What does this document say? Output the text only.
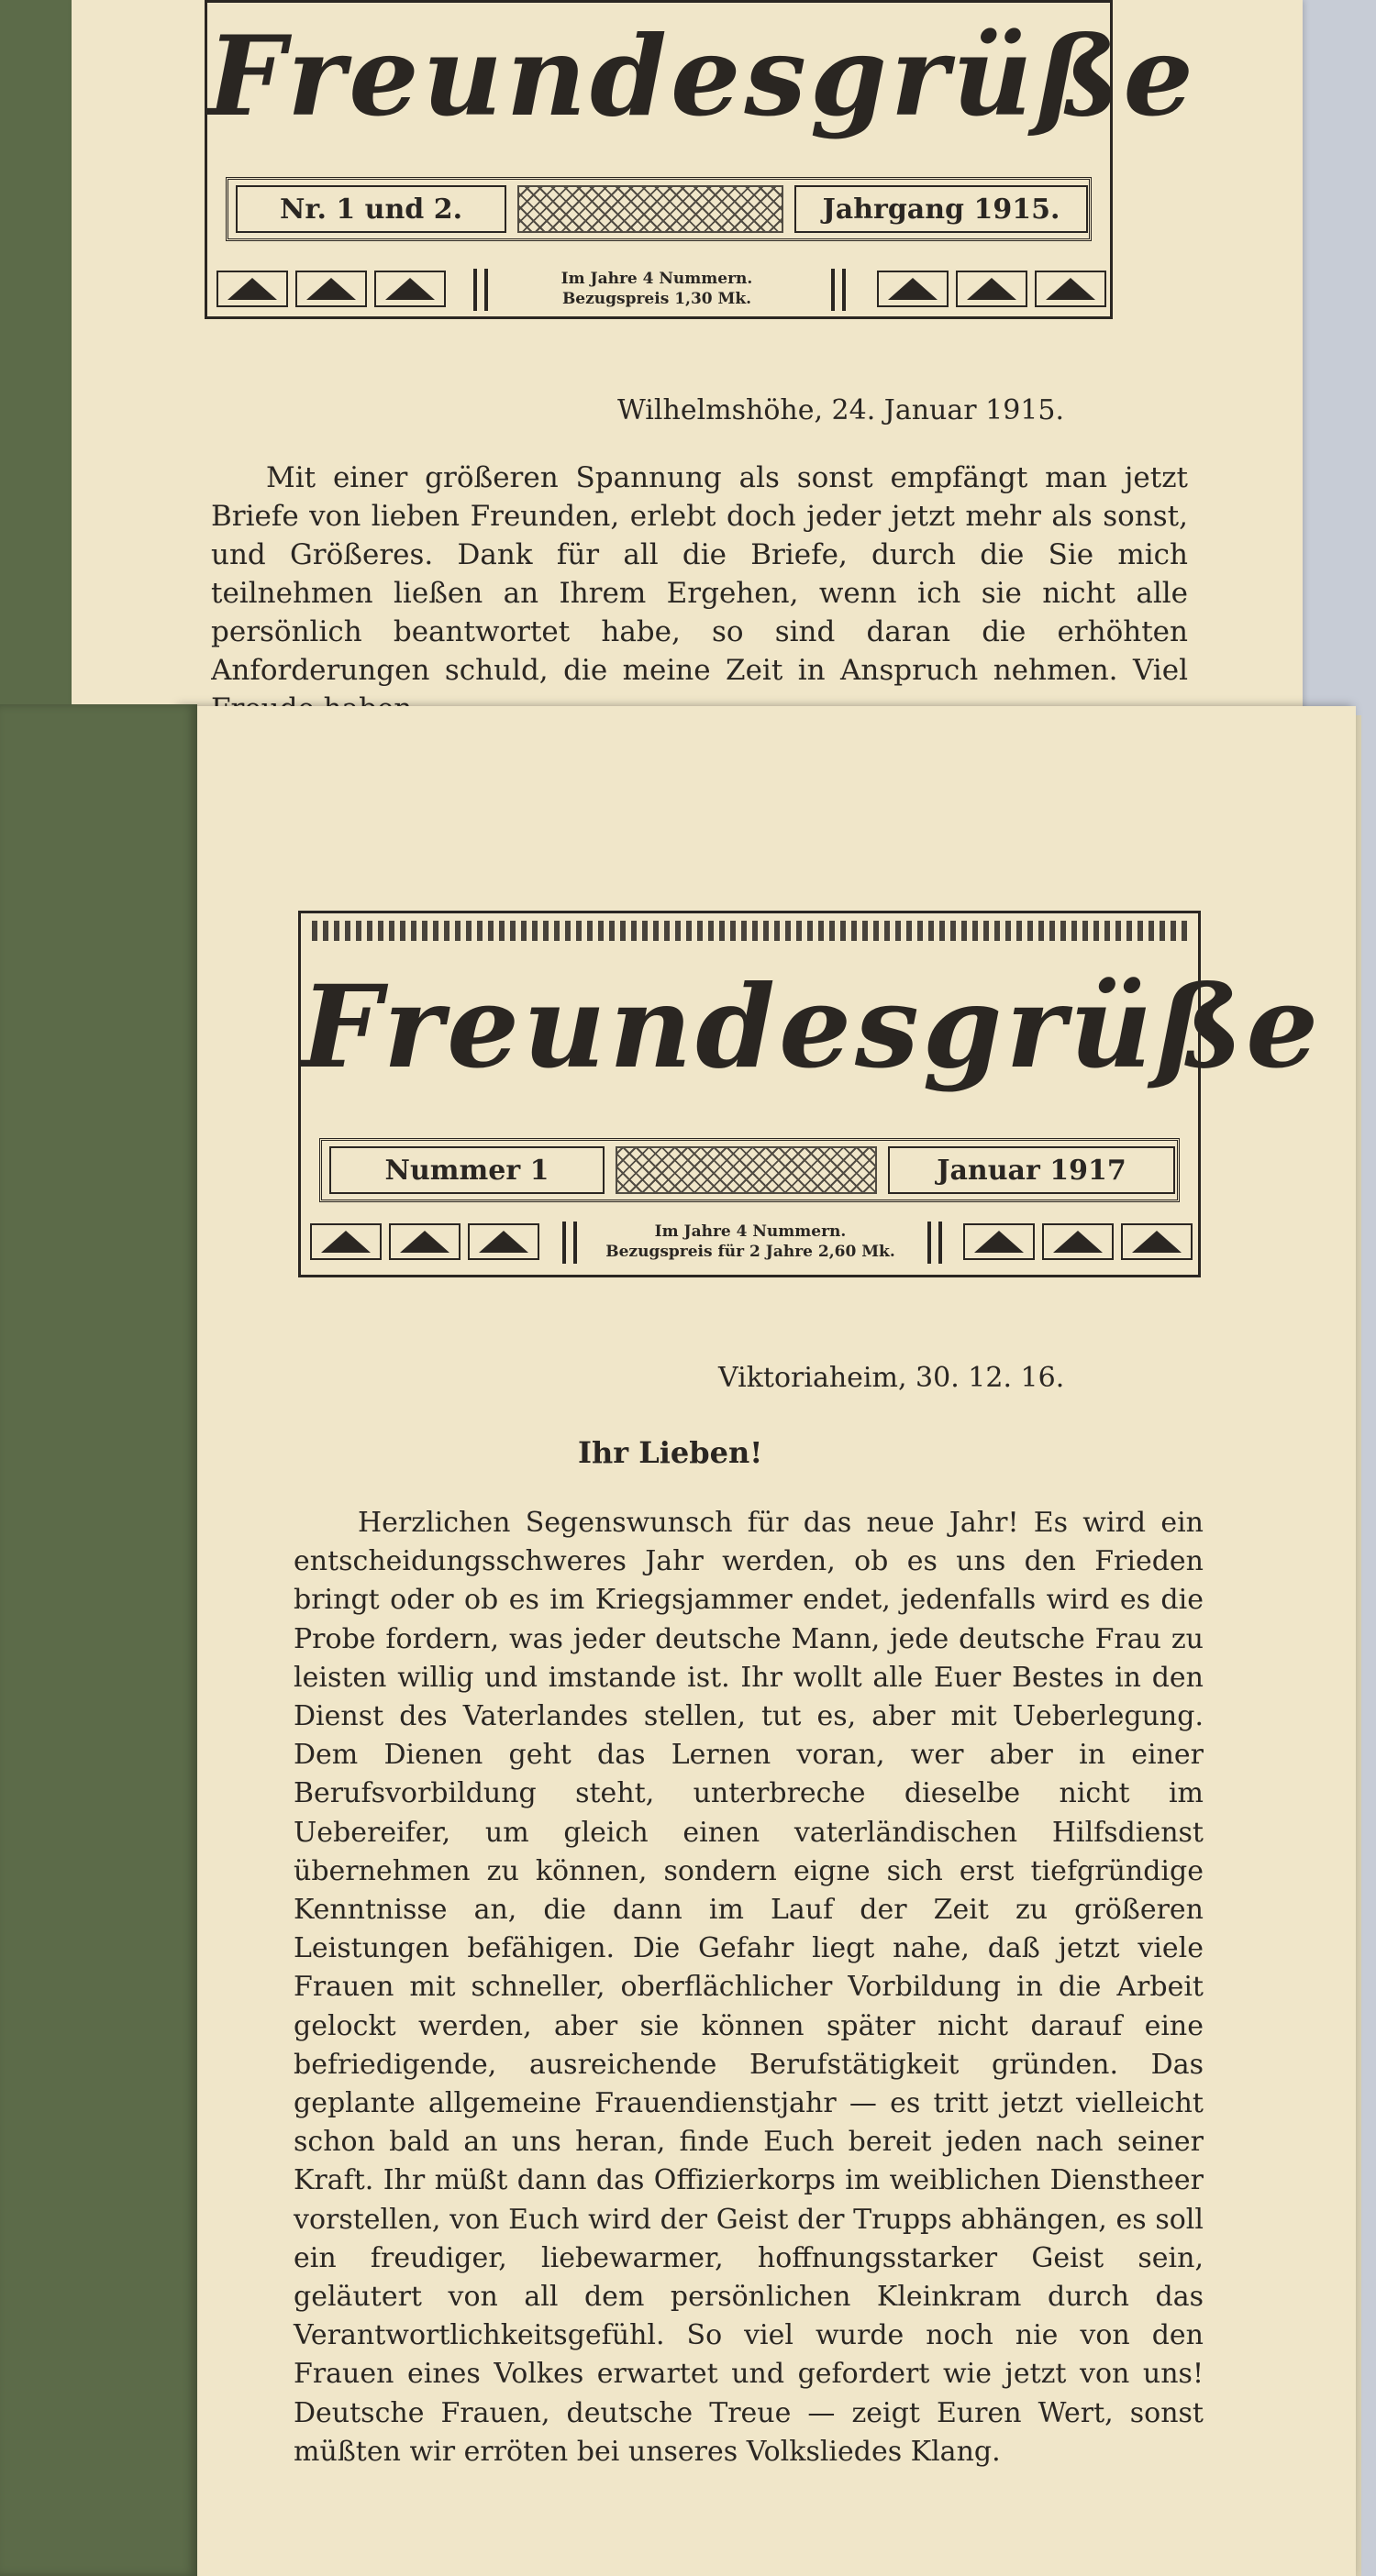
Freundesgrüße
Nr. 1 und 2.	Jahrgang 1915.
Im Jahre 4 Nummern.
Bezugspreis 1,30 Mk.
Wilhelmshöhe, 24. Januar 1915.

Mit einer größeren Spannung als sonst empfängt man jetzt Briefe von lieben Freunden, erlebt doch jeder jetzt mehr als sonst, und Größeres. Dank für all die Briefe, durch die Sie mich teilnehmen ließen an Ihrem Ergehen, wenn ich sie nicht alle persönlich beantwortet habe, so sind daran die erhöhten Anforderungen schuld, die meine Zeit in Anspruch nehmen. Viel

Freundesgrüße
Nummer 1	Januar 1917
Im Jahre 4 Nummern.
Bezugspreis für 2 Jahre 2,60 Mk.
Viktoriaheim, 30. 12. 16.
Ihr Lieben!

Herzlichen Segenswunsch für das neue Jahr! Es wird ein entscheidungsschweres Jahr werden, ob es uns den Frieden bringt oder ob es im Kriegsjammer endet, jedenfalls wird es die Probe fordern, was jeder deutsche Mann, jede deutsche Frau zu leisten willig und imstande ist. Ihr wollt alle Euer Bestes in den Dienst des Vaterlandes stellen, tut es, aber mit Ueberlegung. Dem Dienen geht das Lernen voran, wer aber in einer Berufsvorbildung steht, unterbreche dieselbe nicht im Uebereifer, um gleich einen vaterländischen Hilfsdienst übernehmen zu können, sondern eigne sich erst tiefgründige Kenntnisse an, die dann im Lauf der Zeit zu größeren Leistungen befähigen. Die Gefahr liegt nahe, daß jetzt viele Frauen mit schneller, oberflächlicher Vorbildung in die Arbeit gelockt werden, aber sie können später nicht darauf eine befriedigende, ausreichende Berufstätigkeit gründen. Das geplante allgemeine Frauendienstjahr — es tritt jetzt vielleicht schon bald an uns heran, finde Euch bereit jeden nach seiner Kraft. Ihr müßt dann das Offizierkorps im weiblichen Dienstheer vorstellen, von Euch wird der Geist der Trupps abhängen, es soll ein freudiger, liebewarmer, hoffnungsstarker Geist sein, geläutert von all dem persönlichen Kleinkram durch das Verantwortlichkeitsgefühl. So viel wurde noch nie von den Frauen eines Volkes erwartet und gefordert wie jetzt von uns! Deutsche Frauen, deutsche Treue — zeigt Euren Wert, sonst müßten wir erröten bei unseres Volksliedes Klang.
